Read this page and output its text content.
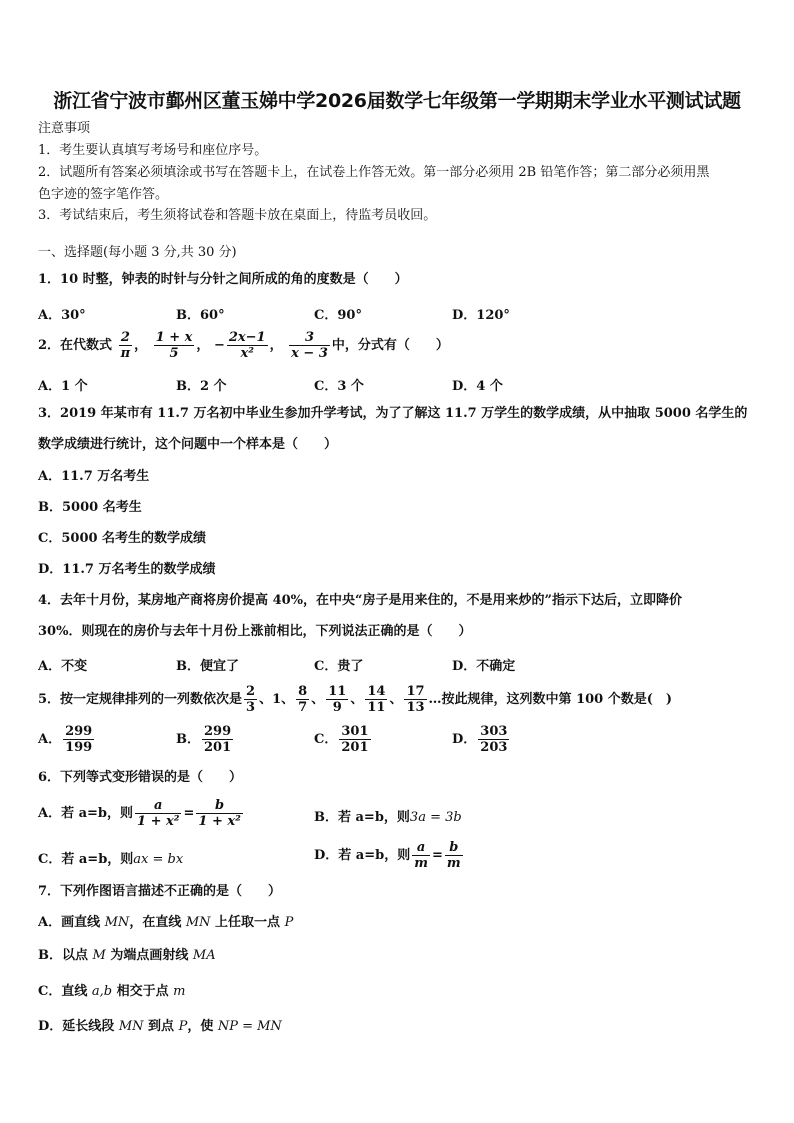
浙江省宁波市鄞州区董玉娣中学2026届数学七年级第一学期期末学业水平测试试题
注意事项
1．考生要认真填写考场号和座位序号。
2．试题所有答案必须填涂或书写在答题卡上，在试卷上作答无效。第一部分必须用 2B 铅笔作答；第二部分必须用黑
色字迹的签字笔作答。
3．考试结束后，考生须将试卷和答题卡放在桌面上，待监考员收回。
一、选择题(每小题 3 分,共 30 分)
1．10 时整，钟表的时针与分针之间所成的角的度数是（　　）
A．30°	B．60°	C．90°	D．120°
2．在代数式 $\frac{2}{\pi}$ ， $\frac{1 + x}{5}$ ， − $\frac{2x-1}{\text{x²}}$ ， $\frac{3}{x - 3}$ 中，分式有（　　）
A．1 个	B．2 个	C．3 个	D．4 个
3．2019 年某市有 11.7 万名初中毕业生参加升学考试，为了了解这 11.7 万学生的数学成绩，从中抽取 5000 名学生的
数学成绩进行统计，这个问题中一个样本是（　　）
A．11.7 万名考生
B．5000 名考生
C．5000 名考生的数学成绩
D．11.7 万名考生的数学成绩
4．去年十月份，某房地产商将房价提高 40%，在中央“房子是用来住的，不是用来炒的”指示下达后，立即降价
30%．则现在的房价与去年十月份上涨前相比，下列说法正确的是（　　）
A．不变	B．便宜了	C．贵了	D．不确定
5．按一定规律排列的一列数依次是 $\frac{2}{3}$ 、1、 $\frac{8}{7}$ 、 $\frac{11}{9}$ 、 $\frac{14}{11}$ 、 $\frac{17}{13}$ …按此规律，这列数中第 100 个数是(　)
A． $\frac{299}{199}$	B． $\frac{299}{201}$	C． $\frac{301}{201}$	D． $\frac{303}{203}$
6．下列等式变形错误的是（　　）
A．若 a=b，则 $\frac{a}{\text{1 + x²}} = \frac{b}{\text{1 + x²}}$	B．若 a=b，则3a = 3b
C．若 a=b，则ax = bx	D．若 a=b，则 $\frac{a}{m} = \frac{b}{m}$
7．下列作图语言描述不正确的是（　　）
A．画直线 MN，在直线 MN 上任取一点 P
B．以点 M 为端点画射线 MA
C．直线 a,b 相交于点 m
D．延长线段 MN 到点 P，使 NP = MN
